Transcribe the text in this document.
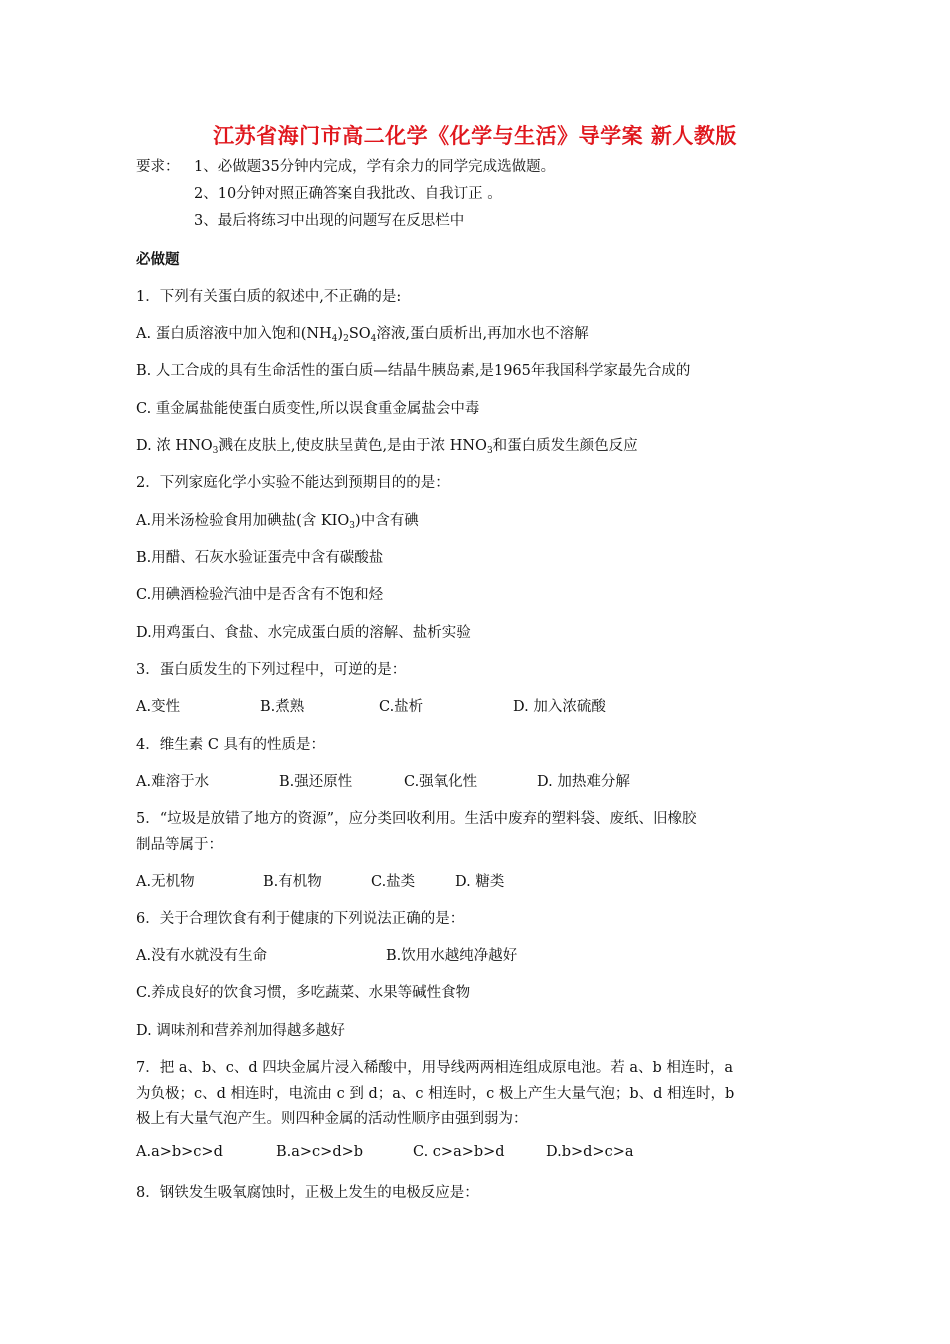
江苏省海门市高二化学《化学与生活》导学案 新人教版
要求： 1、必做题35分钟内完成，学有余力的同学完成选做题。
2、10分钟对照正确答案自我批改、自我订正 。
3、最后将练习中出现的问题写在反思栏中
必做题
1．下列有关蛋白质的叙述中,不正确的是:
A. 蛋白质溶液中加入饱和$(NH_4)_2SO_4$溶液,蛋白质析出,再加水也不溶解
B. 人工合成的具有生命活性的蛋白质—结晶牛胰岛素,是1965年我国科学家最先合成的
C. 重金属盐能使蛋白质变性,所以误食重金属盐会中毒
D. 浓 $HNO_3$溅在皮肤上,使皮肤呈黄色,是由于浓 $HNO_3$和蛋白质发生颜色反应
2．下列家庭化学小实验不能达到预期目的的是：
A.用米汤检验食用加碘盐(含 $KIO_3$)中含有碘
B.用醋、石灰水验证蛋壳中含有碳酸盐
C.用碘酒检验汽油中是否含有不饱和烃
D.用鸡蛋白、食盐、水完成蛋白质的溶解、盐析实验
3．蛋白质发生的下列过程中，可逆的是：
A.变性	B.煮熟	C.盐析	D. 加入浓硫酸
4．维生素 C 具有的性质是：
A.难溶于水	B.强还原性	C.强氧化性	D. 加热难分解
5．“垃圾是放错了地方的资源”，应分类回收利用。生活中废弃的塑料袋、废纸、旧橡胶
制品等属于：
A.无机物	B.有机物	C.盐类	D. 糖类
6．关于合理饮食有利于健康的下列说法正确的是：
A.没有水就没有生命	B.饮用水越纯净越好
C.养成良好的饮食习惯，多吃蔬菜、水果等碱性食物
D. 调味剂和营养剂加得越多越好
7．把 a、b、c、d 四块金属片浸入稀酸中，用导线两两相连组成原电池。若 a、b 相连时，a
为负极；c、d 相连时，电流由 c 到 d；a、c 相连时，c 极上产生大量气泡；b、d 相连时，b
极上有大量气泡产生。则四种金属的活动性顺序由强到弱为：
A.a>b>c>d	B.a>c>d>b	C. c>a>b>d	D.b>d>c>a
8．钢铁发生吸氧腐蚀时，正极上发生的电极反应是：
